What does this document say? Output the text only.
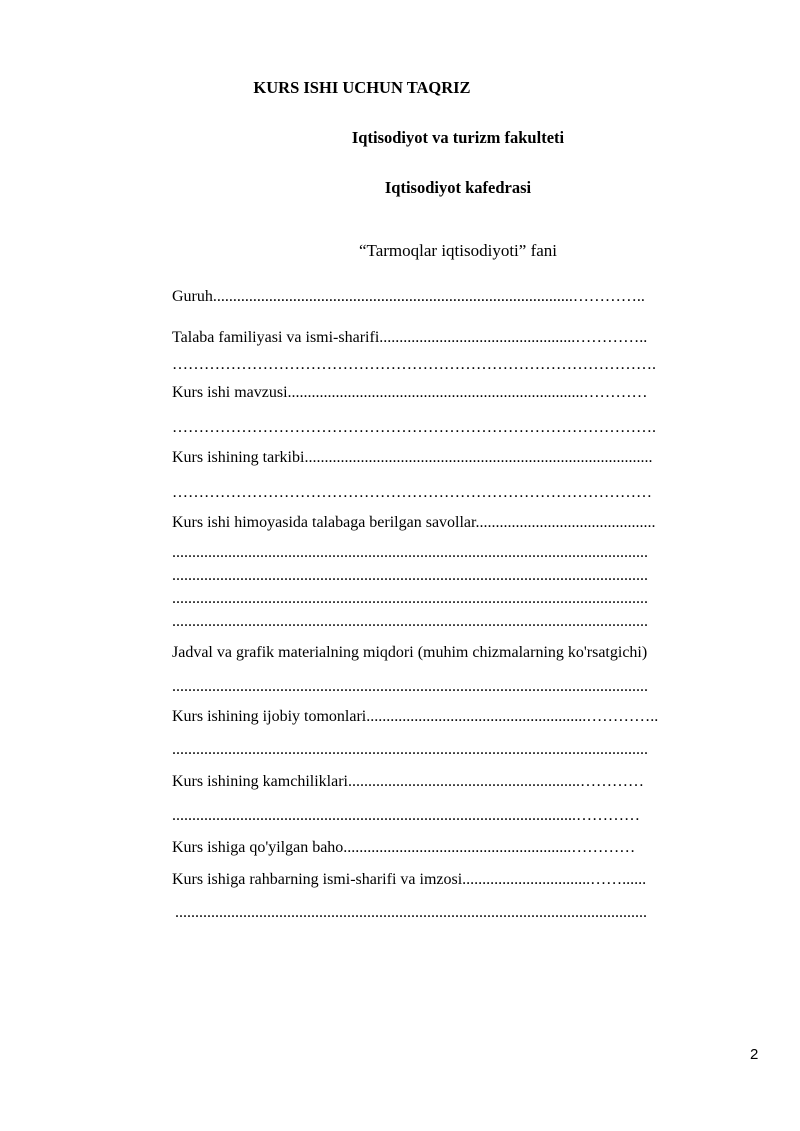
KURS ISHI UCHUN TAQRIZ
Iqtisodiyot va turizm fakulteti
Iqtisodiyot kafedrasi
“Tarmoqlar iqtisodiyoti” fani
Guruh..........................................................................................…………..
Talaba familiyasi va ismi-sharifi.................................................…………..
……………………………………………………………………………….
Kurs ishi mavzusi..........................................................................…………
……………………………………………………………………………….
Kurs ishining tarkibi.......................................................................................
………………………………………………………………………………
Kurs ishi himoyasida talabaga berilgan savollar.............................................
.......................................................................................................................
.......................................................................................................................
.......................................................................................................................
.......................................................................................................................
Jadval va grafik materialning miqdori (muhim chizmalarning ko'rsatgichi)
.......................................................................................................................
Kurs ishining ijobiy tomonlari.......................................................…………..
.......................................................................................................................
Kurs ishining kamchiliklari..........................................................…………
.....................................................................................................…………
Kurs ishiga qo'yilgan baho.........................................................…………
Kurs ishiga rahbarning ismi-sharifi va imzosi................................……......
......................................................................................................................
2
